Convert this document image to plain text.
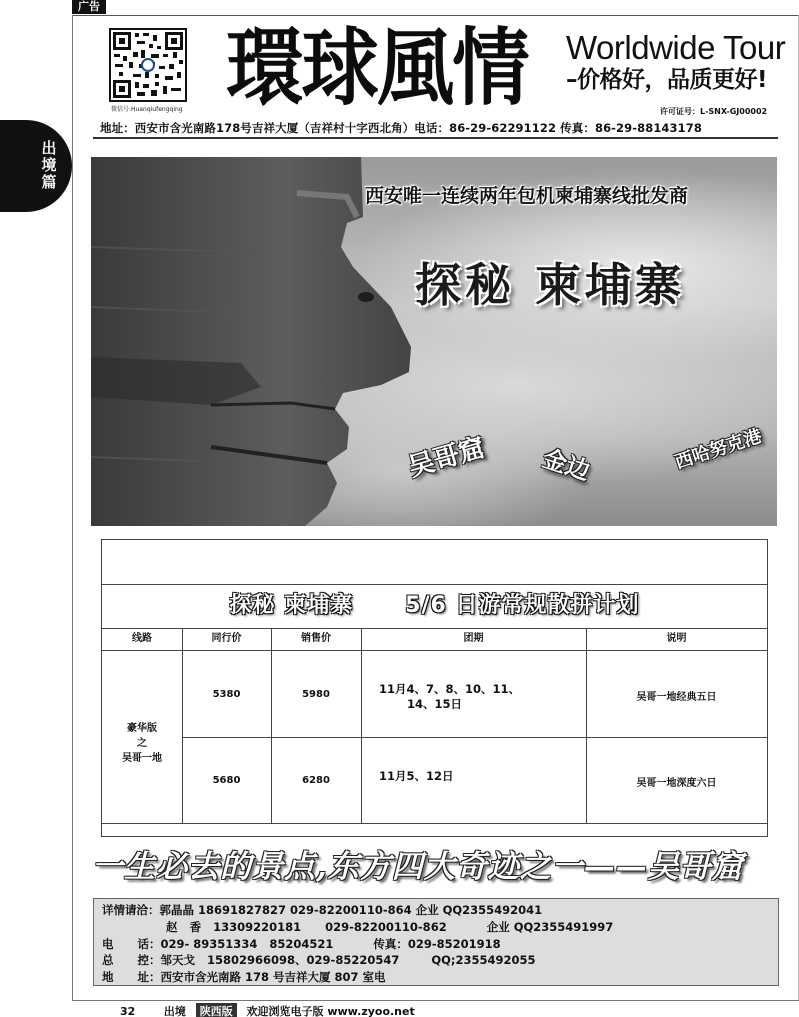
广告
出
境
篇
微信号:Huanqiufengqing 環球風情 Worldwide Tour
–价格好，品质更好!
许可证号：L-SNX-GJ00002
地址：西安市含光南路178号吉祥大厦（吉祥村十字西北角）电话：86-29-62291122 传真：86-29-88143178
西安唯一连续两年包机柬埔寨线批发商
探秘 柬埔寨
吴哥窟 金边	西哈努克港
探秘 柬埔寨      5/6 日游常规散拼计划
线路	同行价	销售价	团期	说明
豪华版
之
吴哥一地
5380	5980	11月4、7、8、10、11、
14、15日	吴哥一地经典五日
5680	6280	11月5、12日
吴哥一地深度六日
一生必去的景点,东方四大奇迹之一——吴哥窟
详情请洽：郭晶晶 18691827827 029-82200110-864 企业 QQ2355492041
赵   香   13309220181      029-82200110-862          企业 QQ2355491997
电      话：029- 89351334   85204521          传真：029-85201918
总      控：邹天戈   15802966098、029-85220547        QQ;2355492055
地      址：西安市含光南路 178 号吉祥大厦 807 室电
32	出境 陕西版 欢迎浏览电子版 www.zyoo.net
